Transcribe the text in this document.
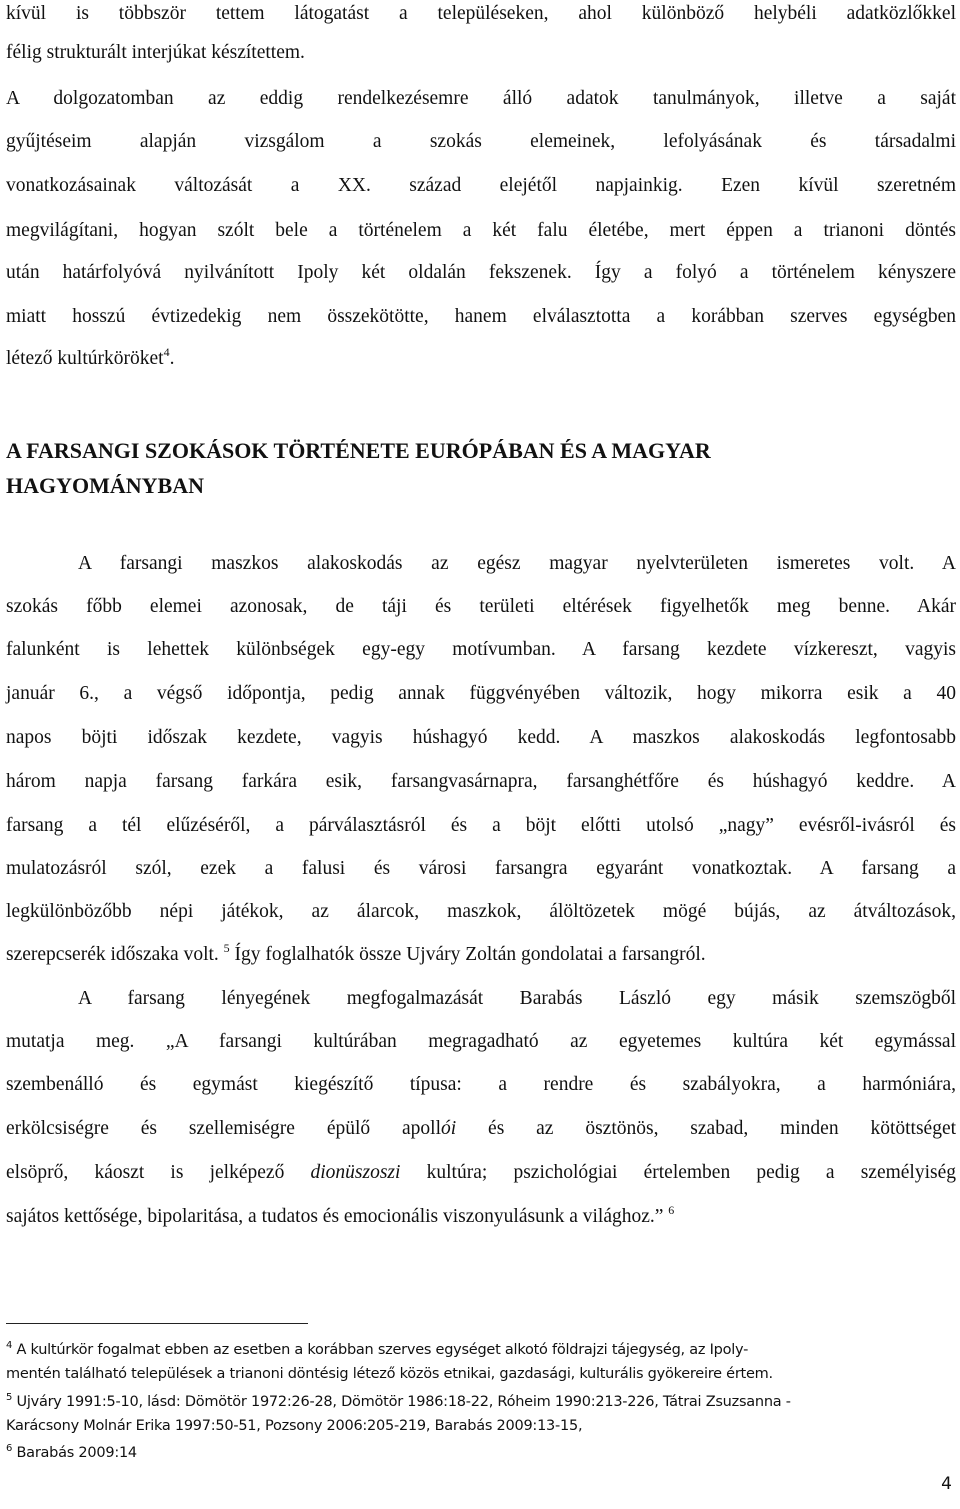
kívül is többször tettem látogatást a településeken, ahol különböző helybéli adatközlőkkel
félig strukturált interjúkat készítettem.
A dolgozatomban az eddig rendelkezésemre álló adatok tanulmányok, illetve a saját
gyűjtéseim alapján vizsgálom a szokás elemeinek, lefolyásának és társadalmi
vonatkozásainak változását a XX. század elejétől napjainkig. Ezen kívül szeretném
megvilágítani, hogyan szólt bele a történelem a két falu életébe, mert éppen a trianoni döntés
után határfolyóvá nyilvánított Ipoly két oldalán fekszenek. Így a folyó a történelem kényszere
miatt hosszú évtizedekig nem összekötötte, hanem elválasztotta a korábban szerves egységben
létező kultúrköröket$^4$.
A FARSANGI SZOKÁSOK TÖRTÉNETE EURÓPÁBAN ÉS A MAGYAR
HAGYOMÁNYBAN
A farsangi maszkos alakoskodás az egész magyar nyelvterületen ismeretes volt. A
szokás főbb elemei azonosak, de táji és területi eltérések figyelhetők meg benne. Akár
falunként is lehettek különbségek egy-egy motívumban. A farsang kezdete vízkereszt, vagyis
január 6., a végső időpontja, pedig annak függvényében változik, hogy mikorra esik a 40
napos böjti időszak kezdete, vagyis húshagyó kedd. A maszkos alakoskodás legfontosabb
három napja farsang farkára esik, farsangvasárnapra, farsanghétfőre és húshagyó keddre. A
farsang a tél elűzéséről, a párválasztásról és a böjt előtti utolsó „nagy” evésről-ivásról és
mulatozásról szól, ezek a falusi és városi farsangra egyaránt vonatkoztak. A farsang a
legkülönbözőbb népi játékok, az álarcok, maszkok, álöltözetek mögé bújás, az átváltozások,
szerepcserék időszaka volt. $^5$ Így foglalhatók össze Ujváry Zoltán gondolatai a farsangról.
A farsang lényegének megfogalmazását Barabás László egy másik szemszögből
mutatja meg. „A farsangi kultúrában megragadható az egyetemes kultúra két egymással
szembenálló és egymást kiegészítő típusa: a rendre és szabályokra, a harmóniára,
erkölcsiségre és szellemiségre épülő apollói és az ösztönös, szabad, minden kötöttséget
elsöprő, káoszt is jelképező dionüszoszi kultúra; pszichológiai értelemben pedig a személyiség
sajátos kettősége, bipolaritása, a tudatos és emocionális viszonyulásunk a világhoz.” $^6$
$^4$ A kultúrkör fogalmat ebben az esetben a korábban szerves egységet alkotó földrajzi tájegység, az Ipoly-
mentén található települések a trianoni döntésig létező közös etnikai, gazdasági, kulturális gyökereire értem.
$^5$ Ujváry 1991:5-10, lásd: Dömötör 1972:26-28, Dömötör 1986:18-22, Róheim 1990:213-226, Tátrai Zsuzsanna -
Karácsony Molnár Erika 1997:50-51, Pozsony 2006:205-219, Barabás 2009:13-15,
$^6$ Barabás 2009:14
4
